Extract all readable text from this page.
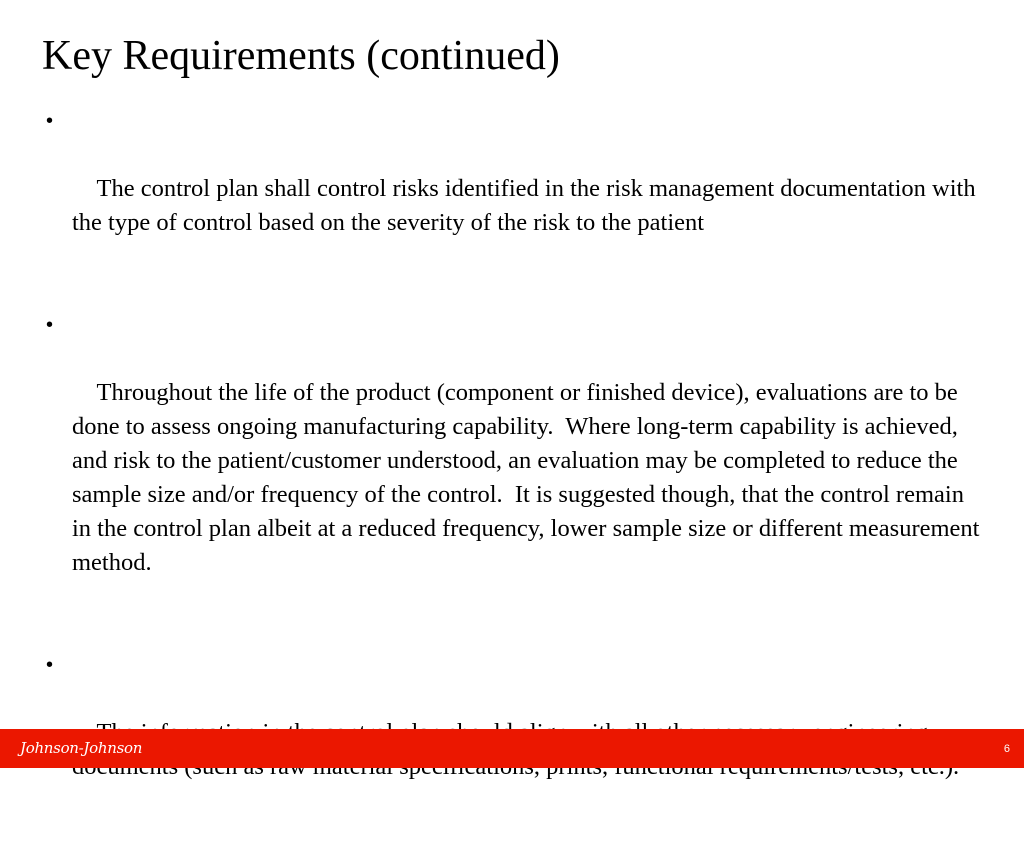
Key Requirements (continued)

•

The control plan shall control risks identified in the risk management documentation with the type of control based on the severity of the risk to the patient

•

Throughout the life of the product (component or finished device), evaluations are to be done to assess ongoing manufacturing capability.  Where long-term capability is achieved, and risk to the patient/customer understood, an evaluation may be completed to reduce the sample size and/or frequency of the control.  It is suggested though, that the control remain in the control plan albeit at a reduced frequency, lower sample size or different measurement method.

•

Johnson-Johnson	6
